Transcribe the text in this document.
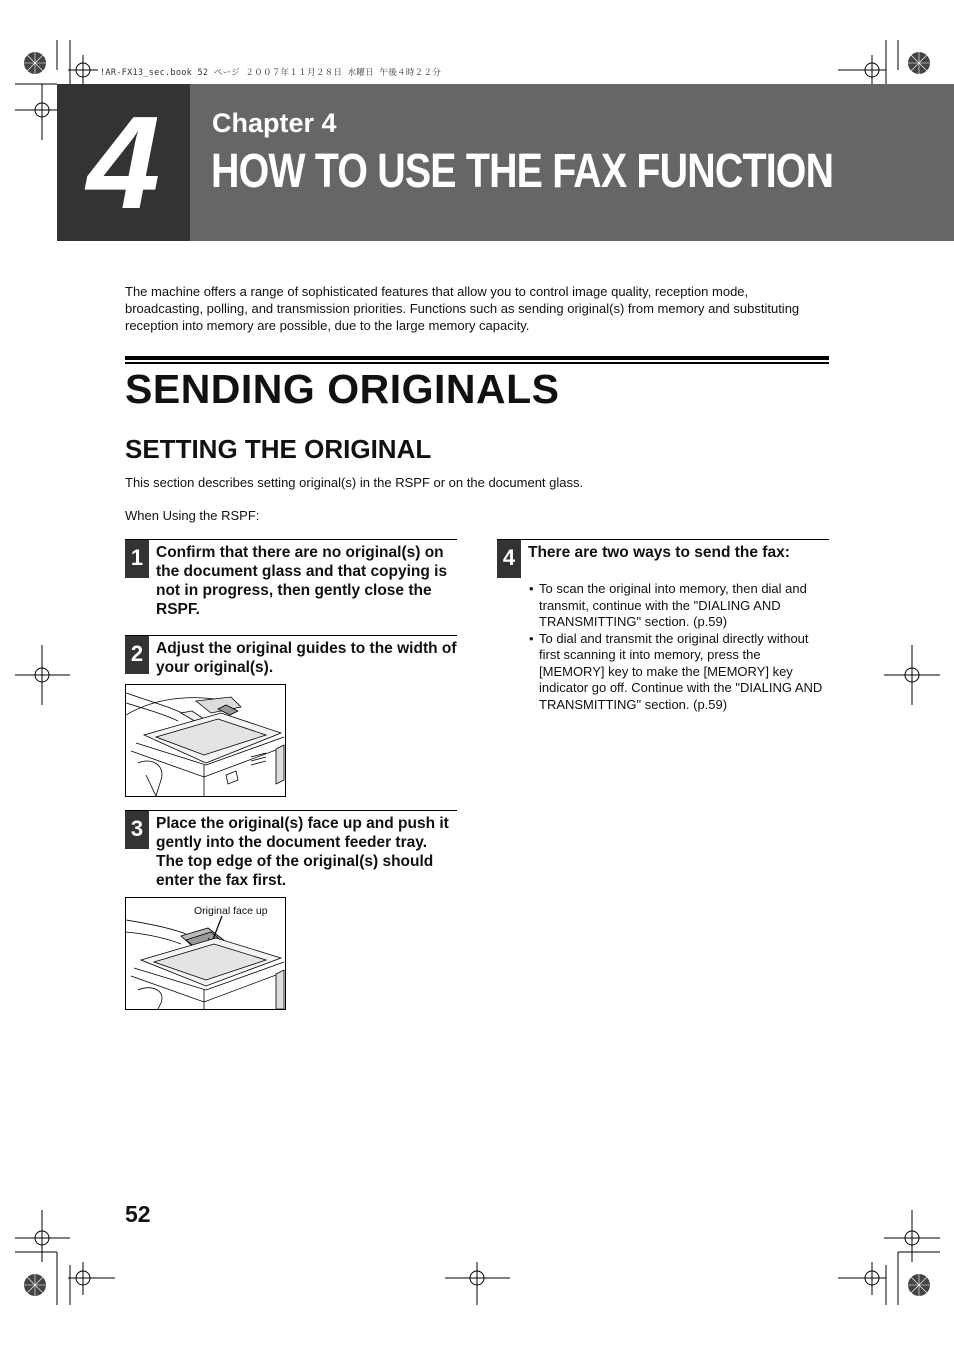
!AR-FX13_sec.book 52 ページ ２００７年１１月２８日 水曜日 午後４時２２分
4	Chapter 4
HOW TO USE THE FAX FUNCTION
The machine offers a range of sophisticated features that allow you to control image quality, reception mode, broadcasting, polling, and transmission priorities. Functions such as sending original(s) from memory and substituting reception into memory are possible, due to the large memory capacity.
SENDING ORIGINALS
SETTING THE ORIGINAL
This section describes setting original(s) in the RSPF or on the document glass.
When Using the RSPF:
1 Confirm that there are no original(s) on the document glass and that copying is not in progress, then gently close the RSPF.
2 Adjust the original guides to the width of your original(s).
3 Place the original(s) face up and push it gently into the document feeder tray. The top edge of the original(s) should enter the fax first.
Original face up
4 There are two ways to send the fax:
• To scan the original into memory, then dial and transmit, continue with the "DIALING AND TRANSMITTING" section. (p.59)
• To dial and transmit the original directly without first scanning it into memory, press the [MEMORY] key to make the [MEMORY] key indicator go off. Continue with the "DIALING AND TRANSMITTING" section. (p.59)
52
